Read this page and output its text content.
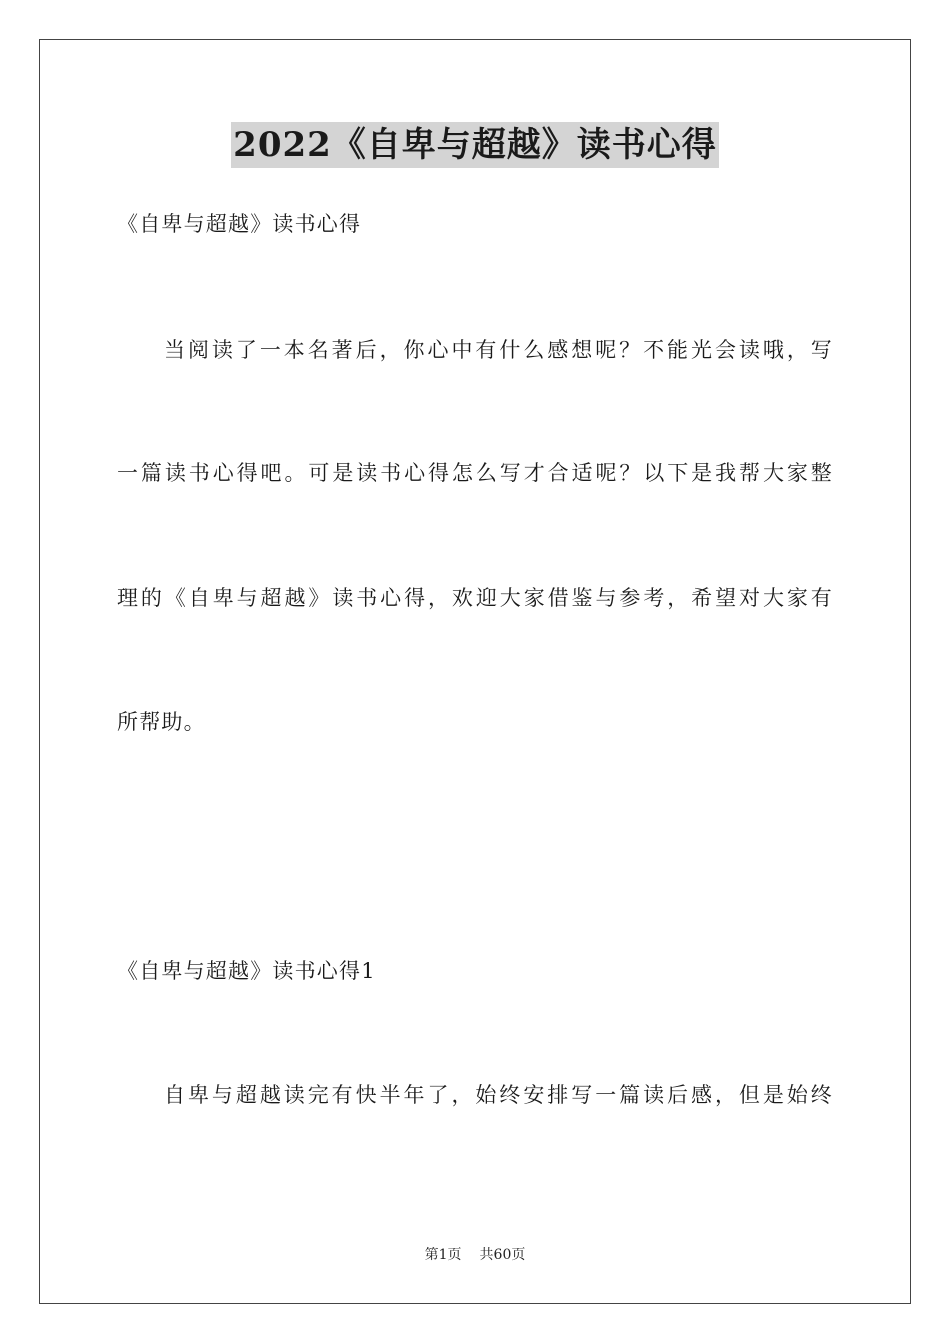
2022《自卑与超越》读书心得
《自卑与超越》读书心得
当阅读了一本名著后，你心中有什么感想呢？不能光会读哦，写
一篇读书心得吧。可是读书心得怎么写才合适呢？以下是我帮大家整
理的《自卑与超越》读书心得，欢迎大家借鉴与参考，希望对大家有
所帮助。
《自卑与超越》读书心得1
自卑与超越读完有快半年了，始终安排写一篇读后感，但是始终
第1页 共60页
